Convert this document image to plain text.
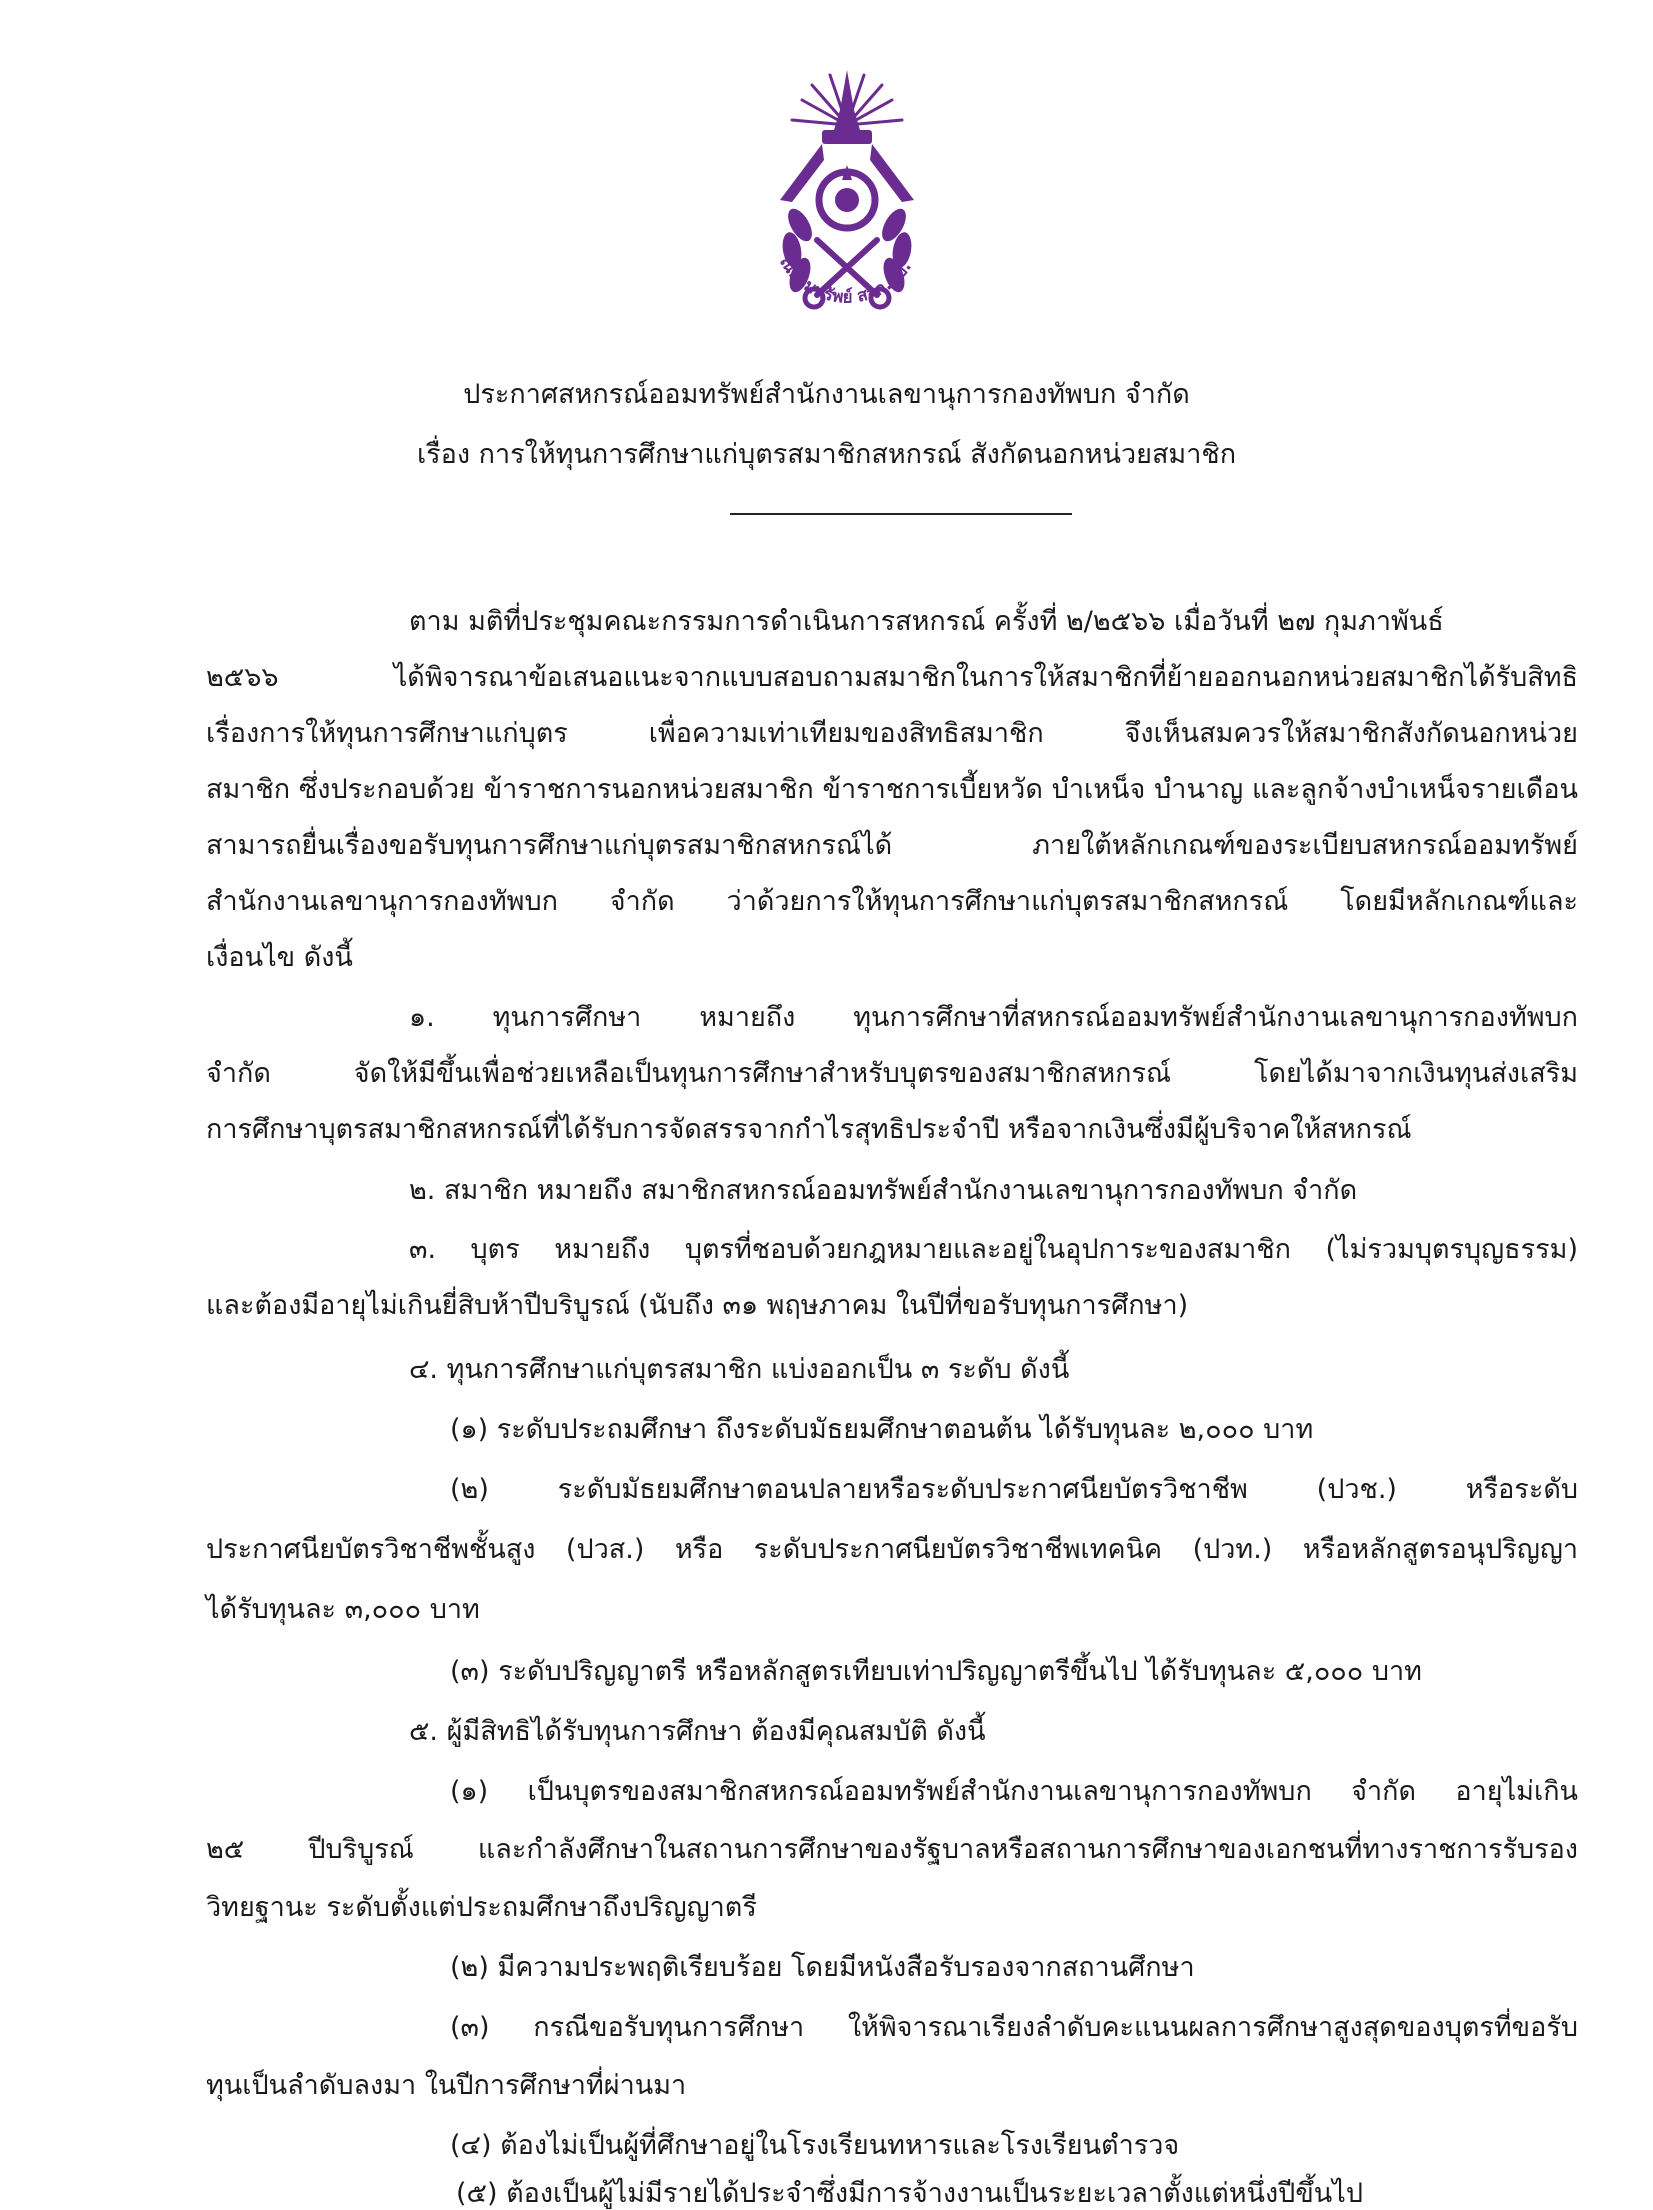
ณ์ออมทรัพย์ สลก.ทบ.
ประกาศสหกรณ์ออมทรัพย์สำนักงานเลขานุการกองทัพบก จำกัด
เรื่อง การให้ทุนการศึกษาแก่บุตรสมาชิกสหกรณ์ สังกัดนอกหน่วยสมาชิก
ตาม มติที่ประชุมคณะกรรมการดำเนินการสหกรณ์ ครั้งที่ ๒/๒๕๖๖ เมื่อวันที่ ๒๗ กุมภาพันธ์
๒๕๖๖ ได้พิจารณาข้อเสนอแนะจากแบบสอบถามสมาชิกในการให้สมาชิกที่ย้ายออกนอกหน่วยสมาชิกได้รับสิทธิ
เรื่องการให้ทุนการศึกษาแก่บุตร เพื่อความเท่าเทียมของสิทธิสมาชิก จึงเห็นสมควรให้สมาชิกสังกัดนอกหน่วย
สมาชิก ซึ่งประกอบด้วย ข้าราชการนอกหน่วยสมาชิก ข้าราชการเบี้ยหวัด บำเหน็จ บำนาญ และลูกจ้างบำเหน็จรายเดือน
สามารถยื่นเรื่องขอรับทุนการศึกษาแก่บุตรสมาชิกสหกรณ์ได้ ภายใต้หลักเกณฑ์ของระเบียบสหกรณ์ออมทรัพย์
สำนักงานเลขานุการกองทัพบก จำกัด ว่าด้วยการให้ทุนการศึกษาแก่บุตรสมาชิกสหกรณ์ โดยมีหลักเกณฑ์และ
เงื่อนไข ดังนี้
๑. ทุนการศึกษา หมายถึง ทุนการศึกษาที่สหกรณ์ออมทรัพย์สำนักงานเลขานุการกองทัพบก
จำกัด จัดให้มีขึ้นเพื่อช่วยเหลือเป็นทุนการศึกษาสำหรับบุตรของสมาชิกสหกรณ์ โดยได้มาจากเงินทุนส่งเสริม
การศึกษาบุตรสมาชิกสหกรณ์ที่ได้รับการจัดสรรจากกำไรสุทธิประจำปี หรือจากเงินซึ่งมีผู้บริจาคให้สหกรณ์
๒. สมาชิก หมายถึง สมาชิกสหกรณ์ออมทรัพย์สำนักงานเลขานุการกองทัพบก จำกัด
๓. บุตร หมายถึง บุตรที่ชอบด้วยกฎหมายและอยู่ในอุปการะของสมาชิก (ไม่รวมบุตรบุญธรรม)
และต้องมีอายุไม่เกินยี่สิบห้าปีบริบูรณ์ (นับถึง ๓๑ พฤษภาคม ในปีที่ขอรับทุนการศึกษา)
๔. ทุนการศึกษาแก่บุตรสมาชิก แบ่งออกเป็น ๓ ระดับ ดังนี้
(๑) ระดับประถมศึกษา ถึงระดับมัธยมศึกษาตอนต้น ได้รับทุนละ ๒,๐๐๐ บาท
(๒) ระดับมัธยมศึกษาตอนปลายหรือระดับประกาศนียบัตรวิชาชีพ (ปวช.) หรือระดับ
ประกาศนียบัตรวิชาชีพชั้นสูง (ปวส.) หรือ ระดับประกาศนียบัตรวิชาชีพเทคนิค (ปวท.) หรือหลักสูตรอนุปริญญา
ได้รับทุนละ ๓,๐๐๐ บาท
(๓) ระดับปริญญาตรี หรือหลักสูตรเทียบเท่าปริญญาตรีขึ้นไป ได้รับทุนละ ๕,๐๐๐ บาท
๕. ผู้มีสิทธิได้รับทุนการศึกษา ต้องมีคุณสมบัติ ดังนี้
(๑) เป็นบุตรของสมาชิกสหกรณ์ออมทรัพย์สำนักงานเลขานุการกองทัพบก จำกัด อายุไม่เกิน
๒๕ ปีบริบูรณ์ และกำลังศึกษาในสถานการศึกษาของรัฐบาลหรือสถานการศึกษาของเอกชนที่ทางราชการรับรอง
วิทยฐานะ ระดับตั้งแต่ประถมศึกษาถึงปริญญาตรี
(๒) มีความประพฤติเรียบร้อย โดยมีหนังสือรับรองจากสถานศึกษา
(๓) กรณีขอรับทุนการศึกษา ให้พิจารณาเรียงลำดับคะแนนผลการศึกษาสูงสุดของบุตรที่ขอรับ
ทุนเป็นลำดับลงมา ในปีการศึกษาที่ผ่านมา
(๔) ต้องไม่เป็นผู้ที่ศึกษาอยู่ในโรงเรียนทหารและโรงเรียนตำรวจ
(๕) ต้องเป็นผู้ไม่มีรายได้ประจำซึ่งมีการจ้างงานเป็นระยะเวลาตั้งแต่หนึ่งปีขึ้นไป
